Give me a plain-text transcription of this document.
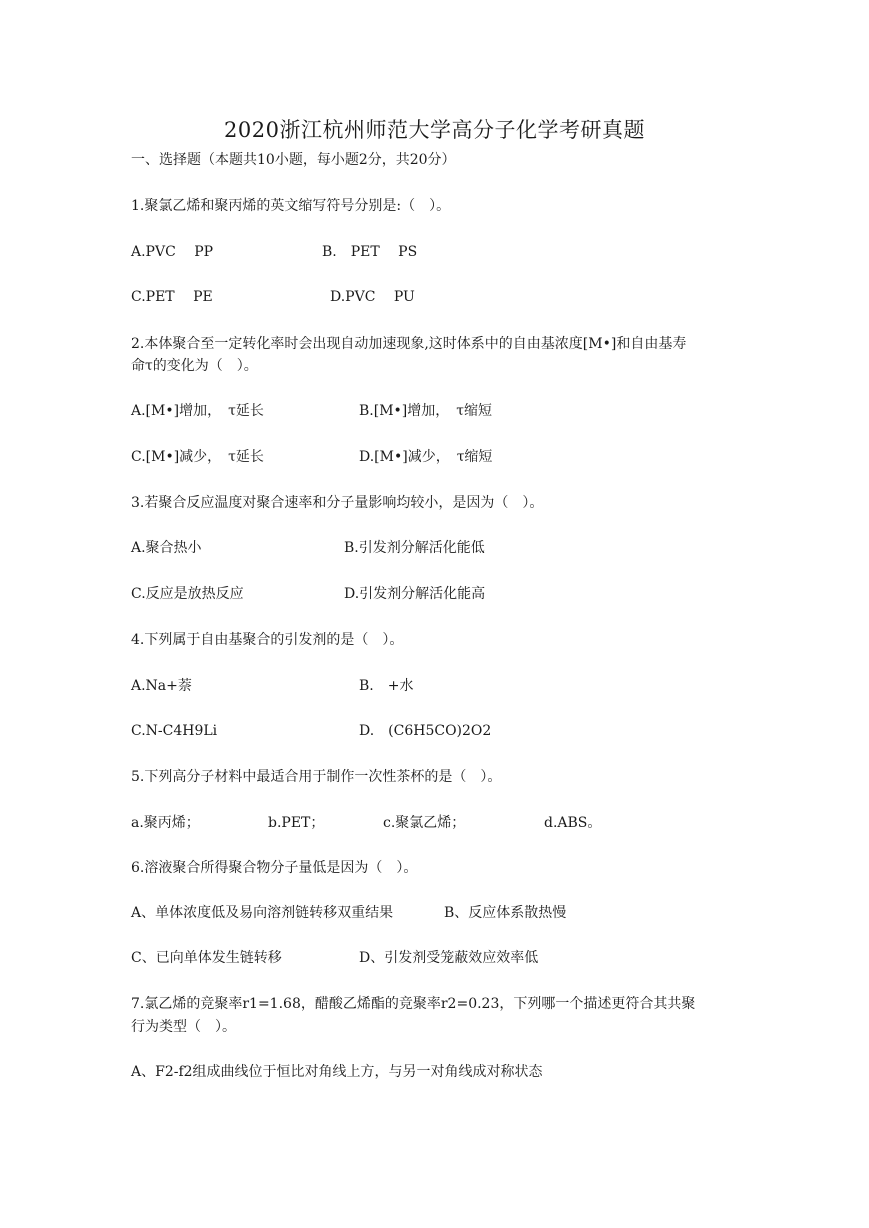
2020浙江杭州师范大学高分子化学考研真题
一、选择题（本题共10小题，每小题2分，共20分）
1.聚氯乙烯和聚丙烯的英文缩写符号分别是:（　）。
A.PVC　 PP	B.　PET　 PS
C.PET　 PE	D.PVC　 PU
2.本体聚合至一定转化率时会出现自动加速现象,这时体系中的自由基浓度[M•]和自由基寿
命τ的变化为（　）。
A.[M•]增加，　τ延长	B.[M•]增加，　τ缩短
C.[M•]减少，　τ延长	D.[M•]减少，　τ缩短
3.若聚合反应温度对聚合速率和分子量影响均较小，是因为（　）。
A.聚合热小	B.引发剂分解活化能低
C.反应是放热反应	D.引发剂分解活化能高
4.下列属于自由基聚合的引发剂的是（　）。
A.Na+萘	B.　+水
C.N-C4H9Li	D.　(C6H5CO)2O2
5.下列高分子材料中最适合用于制作一次性茶杯的是（　）。
a.聚丙烯；	b.PET；	c.聚氯乙烯；	d.ABS。
6.溶液聚合所得聚合物分子量低是因为（　）。
A、单体浓度低及易向溶剂链转移双重结果	B、反应体系散热慢
C、已向单体发生链转移	D、引发剂受笼蔽效应效率低
7.氯乙烯的竞聚率r1=1.68，醋酸乙烯酯的竞聚率r2=0.23，下列哪一个描述更符合其共聚
行为类型（　）。
A、F2-f2组成曲线位于恒比对角线上方，与另一对角线成对称状态
